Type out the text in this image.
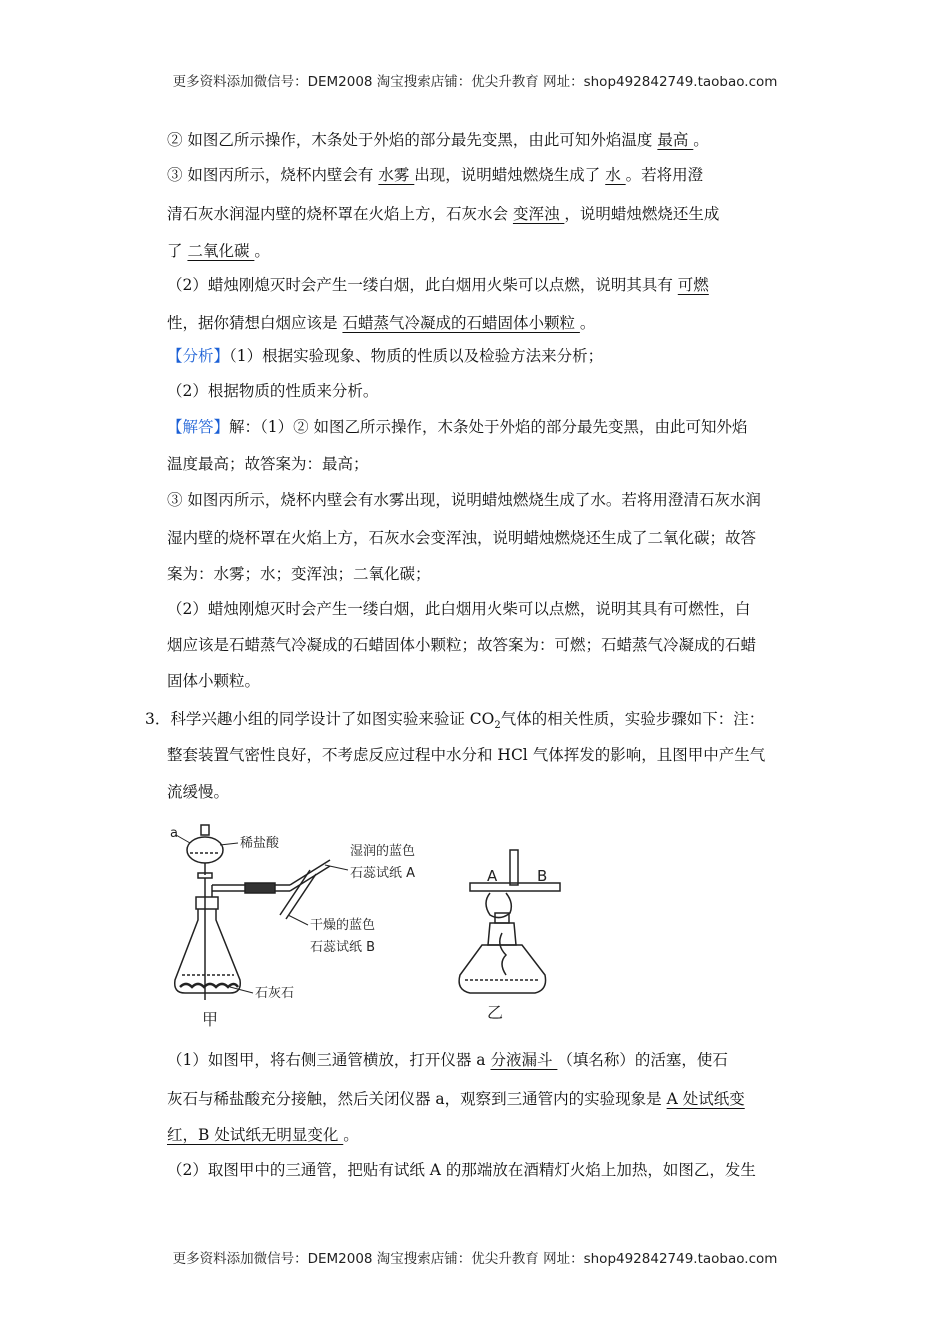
更多资料添加微信号：DEM2008 淘宝搜索店铺：优尖升教育 网址：shop492842749.taobao.com
② 如图乙所示操作，木条处于外焰的部分最先变黑，由此可知外焰温度 最高 。
③ 如图丙所示，烧杯内壁会有 水雾 出现，说明蜡烛燃烧生成了 水 。若将用澄
清石灰水润湿内壁的烧杯罩在火焰上方，石灰水会 变浑浊 ，说明蜡烛燃烧还生成
了 二氧化碳 。
（2）蜡烛刚熄灭时会产生一缕白烟，此白烟用火柴可以点燃，说明其具有 可燃
性，据你猜想白烟应该是 石蜡蒸气冷凝成的石蜡固体小颗粒 。
【分析】（1）根据实验现象、物质的性质以及检验方法来分析；
（2）根据物质的性质来分析。
【解答】解：（1）② 如图乙所示操作，木条处于外焰的部分最先变黑，由此可知外焰
温度最高；故答案为：最高；
③ 如图丙所示，烧杯内壁会有水雾出现，说明蜡烛燃烧生成了水。若将用澄清石灰水润
湿内壁的烧杯罩在火焰上方，石灰水会变浑浊，说明蜡烛燃烧还生成了二氧化碳；故答
案为：水雾；水；变浑浊；二氧化碳；
（2）蜡烛刚熄灭时会产生一缕白烟，此白烟用火柴可以点燃，说明其具有可燃性，白
烟应该是石蜡蒸气冷凝成的石蜡固体小颗粒；故答案为：可燃；石蜡蒸气冷凝成的石蜡
固体小颗粒。
3．科学兴趣小组的同学设计了如图实验来验证 $CO_2$气体的相关性质，实验步骤如下：注：
整套装置气密性良好，不考虑反应过程中水分和 HCl 气体挥发的影响，且图甲中产生气
流缓慢。
a
稀盐酸
湿润的蓝色
石蕊试纸 A
干燥的蓝色
石蕊试纸 B
石灰石
甲
A	B
乙
（1）如图甲，将右侧三通管横放，打开仪器 a 分液漏斗 （填名称）的活塞，使石
灰石与稀盐酸充分接触，然后关闭仪器 a，观察到三通管内的实验现象是 A 处试纸变
红，B 处试纸无明显变化 。
（2）取图甲中的三通管，把贴有试纸 A 的那端放在酒精灯火焰上加热，如图乙，发生
更多资料添加微信号：DEM2008 淘宝搜索店铺：优尖升教育 网址：shop492842749.taobao.com
